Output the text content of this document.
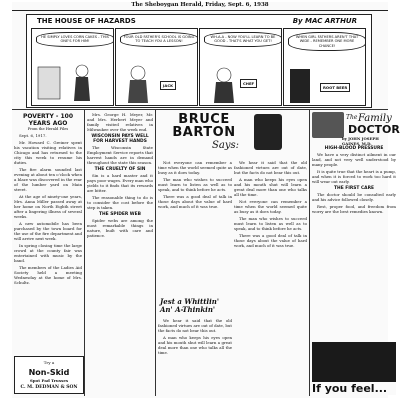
The Sheboygan Herald, Friday, Sept. 6, 1938
THE HOUSE OF HAZARDS	By MAC ARTHUR
HE SIMPLY LOVES CORN CAKES - THIS ONE'S FOR HIM!
FOUR OLD FATHER'S SCHOOL IS GOING TO TEACH YOU A LESSON!
JACK
WH-A-A - NOW YOU'LL LEARN TO BE GOOD - THAT'S WHAT YOU GET!
CHEF
WHEN GIRL FATHERS AREN'T THAT WIDE - REMEMBER ONE MORE CHANCE!
ROOT BEER
POVERTY - 100 YEARS AGO
From the Herald Files

Sept. 6, 1917.

Mr. Howard C. Greiner spent his vacation visiting relatives in Chicago and has returned to the city this week to resume his duties.

The fire alarm sounded last evening at about ten o'clock when a blaze was discovered in the rear of the lumber yard on Main street.

At the age of ninety-one years, Mrs. Anna Miller passed away at her home on North Eighth street after a lingering illness of several weeks.

A new automobile has been purchased by the town board for the use of the fire department and will arrive next week.

In spring closing time the large crowd at the county fair was entertained with music by the band.

The members of the Ladies Aid Society held a meeting Wednesday at the home of Mrs. Schultz.

Try a
Non-Skid
Spot Pad Trusses
C. M. DEDMAN & SON

Mrs. George H. Meyer, Mr. and Mrs. Herbert Meyer and family visited relatives in Milwaukee over the week end.

WISCONSIN PAYS WELL FOR HARVEST HANDS

The Wisconsin State Employment Service reports that harvest hands are in demand throughout the state this season.

THE CRUELTY OF SIN

Sin is a hard master and it pays poor wages. Every man who yields to it finds that its rewards are bitter.

The reasonable thing to do is to consider the cost before the step is taken.

THE SPIDER WEB

Spider webs are among the most remarkable things in nature, built with care and patience.

BRUCE
BARTON
Says:

Not everyone can remember a time when the world seemed quite as busy as it does today.

The man who wishes to succeed must learn to listen as well as to speak, and to think before he acts.

There was a good deal of talk in those days about the value of hard work, and much of it was true.

We hear it said that the old fashioned virtues are out of date, but the facts do not bear this out.

A man who keeps his eyes open and his mouth shut will learn a great deal more than one who talks all the time.

Not everyone can remember a time when the world seemed quite as busy as it does today.

The man who wishes to succeed must learn to listen as well as to speak, and to think before he acts.

There was a good deal of talk in those days about the value of hard work, and much of it was true.

Jest a Whittlin' An' A-Thinkin'

We hear it said that the old fashioned virtues are out of date, but the facts do not bear this out.

A man who keeps his eyes open and his mouth shut will learn a great deal more than one who talks all the time.

The Family
DOCTOR
by JOHN JOSEPH GAINES, M.D.
HIGH-BLOOD PRESSURE

We have a very distinct ailment in our land, and not very well understood by many people.

It is quite true that the heart is a pump, and when it is forced to work too hard it will wear out early.

THE FIRST CARE

The doctor should be consulted early and his advice followed closely.

Rest, proper food, and freedom from worry are the best remedies known.

If you feel...
